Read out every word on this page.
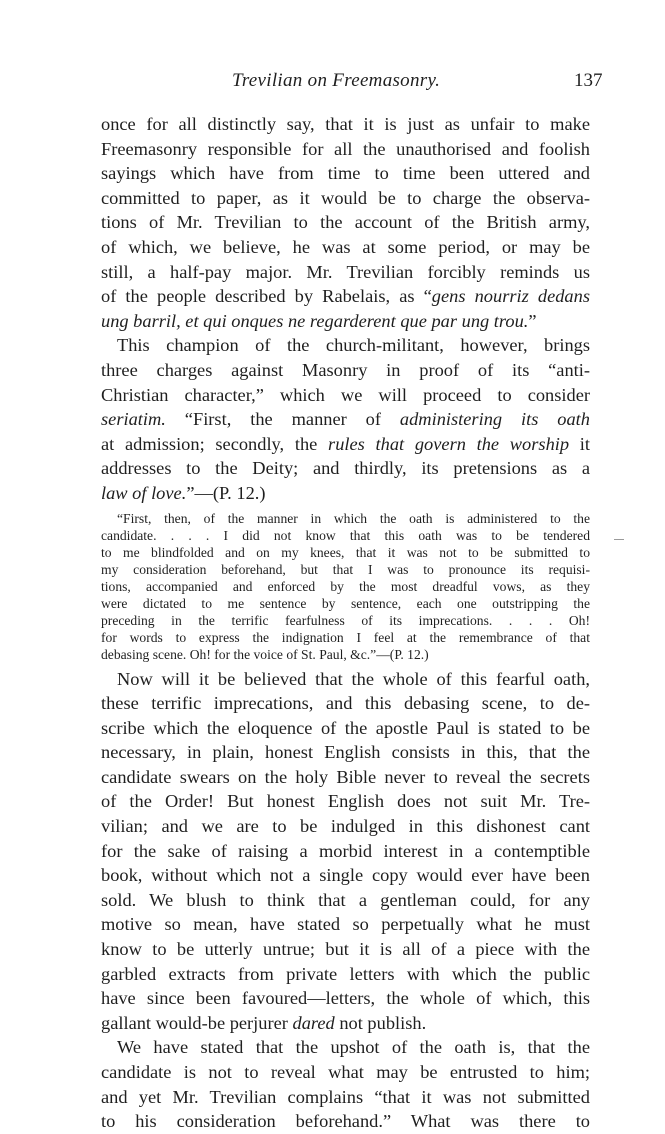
Trevilian on Freemasonry.	137
once for all distinctly say, that it is just as unfair to make
Freemasonry responsible for all the unauthorised and foolish
sayings which have from time to time been uttered and
committed to paper, as it would be to charge the observa-
tions of Mr. Trevilian to the account of the British army,
of which, we believe, he was at some period, or may be
still, a half-pay major. Mr. Trevilian forcibly reminds us
of the people described by Rabelais, as “gens nourriz dedans
ung barril, et qui onques ne regarderent que par ung trou.”
This champion of the church-militant, however, brings
three charges against Masonry in proof of its “anti-
Christian character,” which we will proceed to consider
seriatim. “First, the manner of administering its oath
at admission; secondly, the rules that govern the worship it
addresses to the Deity; and thirdly, its pretensions as a
law of love.”—(P. 12.)
“First, then, of the manner in which the oath is administered to the
candidate. . . . I did not know that this oath was to be tendered
to me blindfolded and on my knees, that it was not to be submitted to
my consideration beforehand, but that I was to pronounce its requisi-
tions, accompanied and enforced by the most dreadful vows, as they
were dictated to me sentence by sentence, each one outstripping the
preceding in the terrific fearfulness of its imprecations. . . . Oh!
for words to express the indignation I feel at the remembrance of that
debasing scene. Oh! for the voice of St. Paul, &c.”—(P. 12.)
Now will it be believed that the whole of this fearful oath,
these terrific imprecations, and this debasing scene, to de-
scribe which the eloquence of the apostle Paul is stated to be
necessary, in plain, honest English consists in this, that the
candidate swears on the holy Bible never to reveal the secrets
of the Order! But honest English does not suit Mr. Tre-
vilian; and we are to be indulged in this dishonest cant
for the sake of raising a morbid interest in a contemptible
book, without which not a single copy would ever have been
sold. We blush to think that a gentleman could, for any
motive so mean, have stated so perpetually what he must
know to be utterly untrue; but it is all of a piece with the
garbled extracts from private letters with which the public
have since been favoured—letters, the whole of which, this
gallant would-be perjurer dared not publish.
We have stated that the upshot of the oath is, that the
candidate is not to reveal what may be entrusted to him;
and yet Mr. Trevilian complains “that it was not submitted
to his consideration beforehand.” What was there to
